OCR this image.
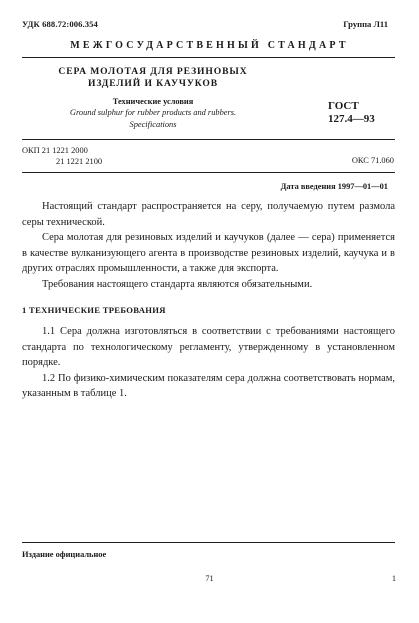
УДК 688.72:006.354	Группа Л11
МЕЖГОСУДАРСТВЕННЫЙ СТАНДАРТ
СЕРА МОЛОТАЯ ДЛЯ РЕЗИНОВЫХ
ИЗДЕЛИЙ И КАУЧУКОВ
Технические условия
Ground sulphur for rubber products and rubbers.
Specifications
ГОСТ
127.4—93
ОКП 21 1221 2000
21 1221 2100	ОКС 71.060
Дата введения 1997—01—01

Настоящий стандарт распространяется на серу, получаемую путем размола серы технической.

Сера молотая для резиновых изделий и каучуков (далее — сера) применяется в качестве вулканизующего агента в производстве резиновых изделий, каучука и в других отраслях промышленности, а также для экспорта.

Требования настоящего стандарта являются обязательными.

1 ТЕХНИЧЕСКИЕ ТРЕБОВАНИЯ

1.1 Сера должна изготовляться в соответствии с требованиями настоящего стандарта по технологическому регламенту, утвержденному в установленном порядке.

1.2 По физико-химическим показателям сера должна соответствовать нормам, указанным в таблице 1.

Издание официальное
71	1
